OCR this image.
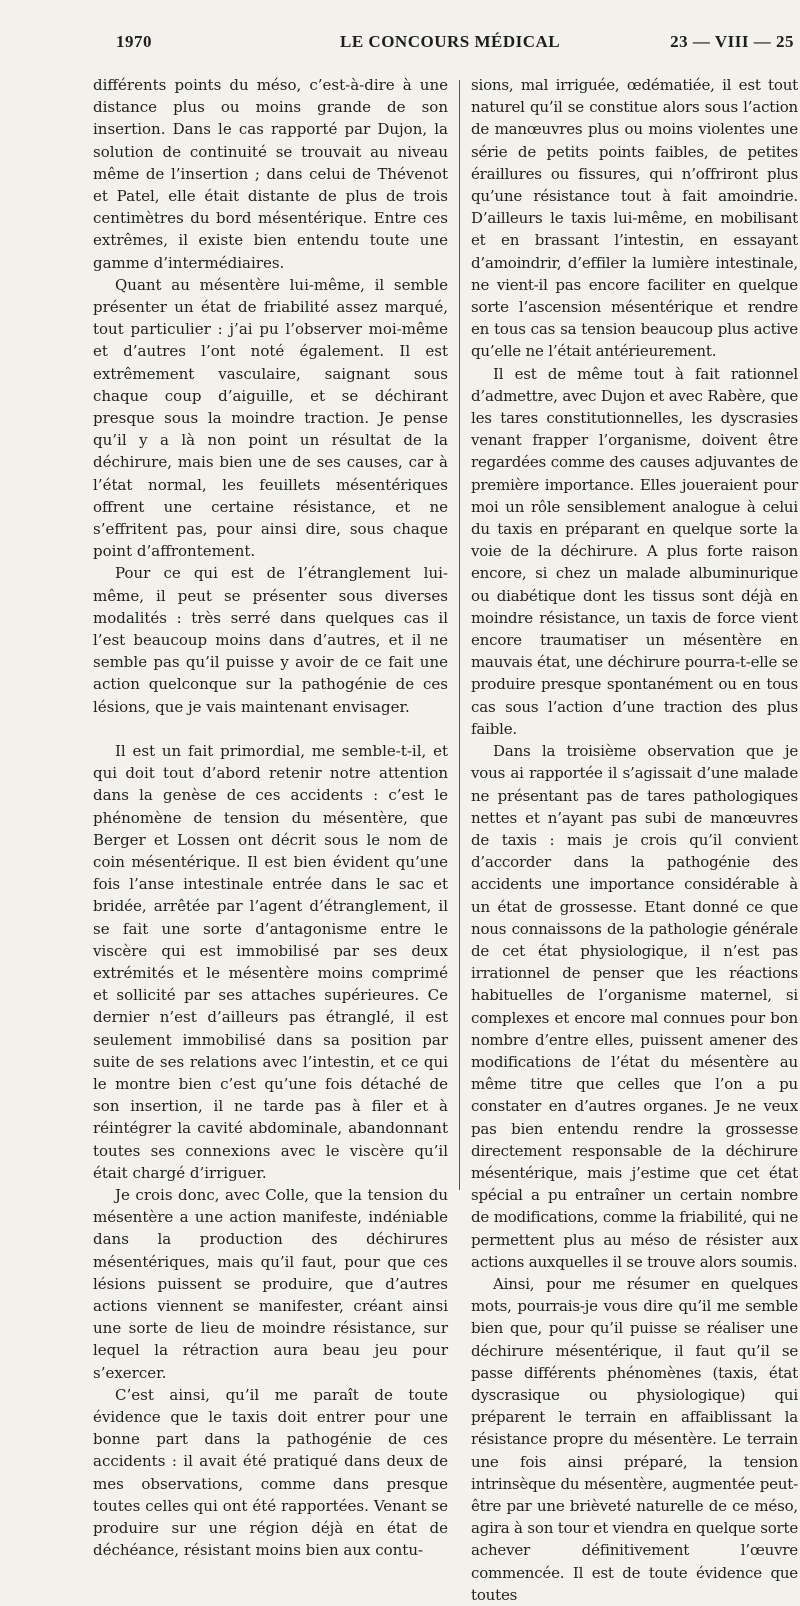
1970	LE CONCOURS MÉDICAL	23 — VIII — 25

différents points du méso, c’est-à-dire à une distance plus ou moins grande de son insertion. Dans le cas rapporté par Dujon, la solution de continuité se trouvait au niveau même de l’insertion ; dans celui de Thévenot et Patel, elle était distante de plus de trois centimètres du bord mésentérique. Entre ces extrêmes, il existe bien entendu toute une gamme d’intermédiaires.

Quant au mésentère lui-même, il semble présenter un état de friabilité assez marqué, tout particulier : j’ai pu l’observer moi-même et d’autres l’ont noté également. Il est extrêmement vasculaire, saignant sous chaque coup d’aiguille, et se déchirant presque sous la moindre traction. Je pense qu’il y a là non point un résultat de la déchirure, mais bien une de ses causes, car à l’état normal, les feuillets mésentériques offrent une certaine résistance, et ne s’effritent pas, pour ainsi dire, sous chaque point d’affrontement.

Pour ce qui est de l’étranglement lui-même, il peut se présenter sous diverses modalités : très serré dans quelques cas il l’est beaucoup moins dans d’autres, et il ne semble pas qu’il puisse y avoir de ce fait une action quelconque sur la pathogénie de ces lésions, que je vais maintenant envisager.

Il est un fait primordial, me semble-t-il, et qui doit tout d’abord retenir notre attention dans la genèse de ces accidents : c’est le phénomène de tension du mésentère, que Berger et Lossen ont décrit sous le nom de coin mésentérique. Il est bien évident qu’une fois l’anse intestinale entrée dans le sac et bridée, arrêtée par l’agent d’étranglement, il se fait une sorte d’antagonisme entre le viscère qui est immobilisé par ses deux extrémités et le mésentère moins comprimé et sollicité par ses attaches supérieures. Ce dernier n’est d’ailleurs pas étranglé, il est seulement immobilisé dans sa position par suite de ses relations avec l’intestin, et ce qui le montre bien c’est qu’une fois détaché de son insertion, il ne tarde pas à filer et à réintégrer la cavité abdominale, abandonnant toutes ses connexions avec le viscère qu’il était chargé d’irriguer.

Je crois donc, avec Colle, que la tension du mésentère a une action manifeste, indéniable dans la production des déchirures mésentériques, mais qu’il faut, pour que ces lésions puissent se produire, que d’autres actions viennent se manifester, créant ainsi une sorte de lieu de moindre résistance, sur lequel la rétraction aura beau jeu pour s’exercer.

C’est ainsi, qu’il me paraît de toute évidence que le taxis doit entrer pour une bonne part dans la pathogénie de ces accidents : il avait été pratiqué dans deux de mes observations, comme dans presque toutes celles qui ont été rapportées. Venant se produire sur une région déjà en état de déchéance, résistant moins bien aux contu-

sions, mal irriguée, œdématiée, il est tout naturel qu’il se constitue alors sous l’action de manœuvres plus ou moins violentes une série de petits points faibles, de petites éraillures ou fissures, qui n’offriront plus qu’une résistance tout à fait amoindrie. D’ailleurs le taxis lui-même, en mobilisant et en brassant l’intestin, en essayant d’amoindrir, d’effiler la lumière intestinale, ne vient-il pas encore faciliter en quelque sorte l’ascension mésentérique et rendre en tous cas sa tension beaucoup plus active qu’elle ne l’était antérieurement.

Il est de même tout à fait rationnel d’admettre, avec Dujon et avec Rabère, que les tares constitutionnelles, les dyscrasies venant frapper l’organisme, doivent être regardées comme des causes adjuvantes de première importance. Elles joueraient pour moi un rôle sensiblement analogue à celui du taxis en préparant en quelque sorte la voie de la déchirure. A plus forte raison encore, si chez un malade albuminurique ou diabétique dont les tissus sont déjà en moindre résistance, un taxis de force vient encore traumatiser un mésentère en mauvais état, une déchirure pourra-t-elle se produire presque spontanément ou en tous cas sous l’action d’une traction des plus faible.

Dans la troisième observation que je vous ai rapportée il s’agissait d’une malade ne présentant pas de tares pathologiques nettes et n’ayant pas subi de manœuvres de taxis : mais je crois qu’il convient d’accorder dans la pathogénie des accidents une importance considérable à un état de grossesse. Etant donné ce que nous connaissons de la pathologie générale de cet état physiologique, il n’est pas irrationnel de penser que les réactions habituelles de l’organisme maternel, si complexes et encore mal connues pour bon nombre d’entre elles, puissent amener des modifications de l’état du mésentère au même titre que celles que l’on a pu constater en d’autres organes. Je ne veux pas bien entendu rendre la grossesse directement responsable de la déchirure mésentérique, mais j’estime que cet état spécial a pu entraîner un certain nombre de modifications, comme la friabilité, qui ne permettent plus au méso de résister aux actions auxquelles il se trouve alors soumis.

Ainsi, pour me résumer en quelques mots, pourrais-je vous dire qu’il me semble bien que, pour qu’il puisse se réaliser une déchirure mésentérique, il faut qu’il se passe différents phénomènes (taxis, état dyscrasique ou physiologique) qui préparent le terrain en affaiblissant la résistance propre du mésentère. Le terrain une fois ainsi préparé, la tension intrinsèque du mésentère, augmentée peut-être par une brièveté naturelle de ce méso, agira à son tour et viendra en quelque sorte achever définitivement l’œuvre commencée. Il est de toute évidence que toutes
